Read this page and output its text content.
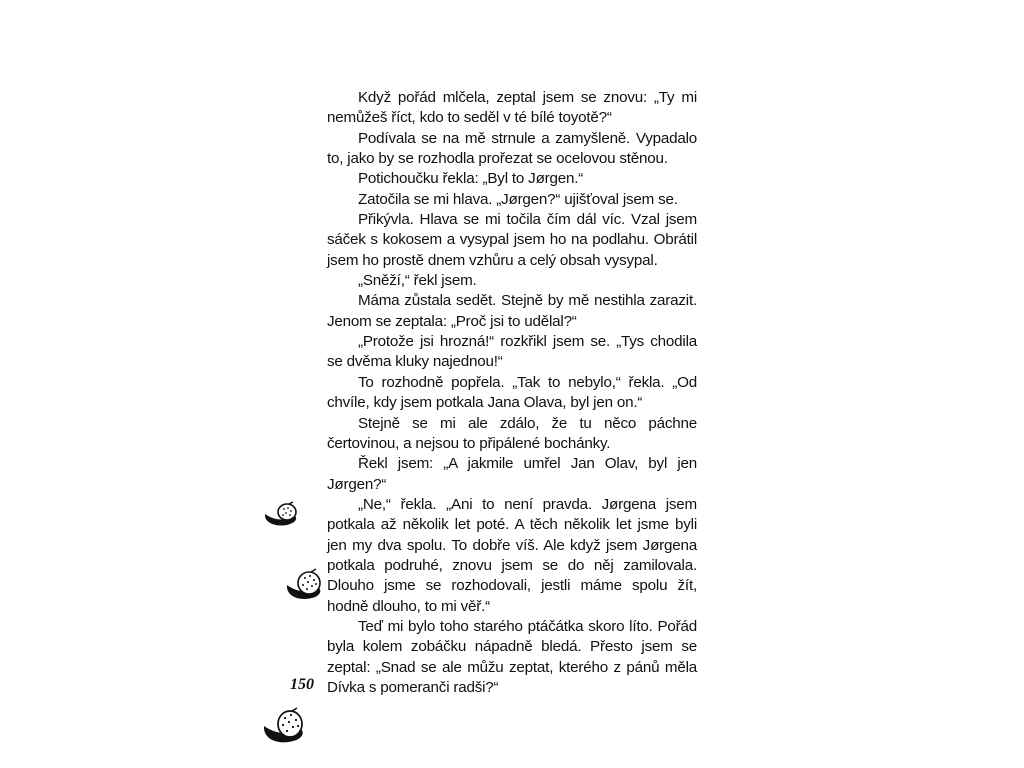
Když pořád mlčela, zeptal jsem se znovu: „Ty mi nemůžeš říct, kdo to seděl v té bílé toyotě?“

Podívala se na mě strnule a zamyšleně. Vypadalo to, jako by se rozhodla prořezat se ocelovou stěnou.

Potichoučku řekla: „Byl to Jørgen.“

Zatočila se mi hlava. „Jørgen?“ ujišťoval jsem se.

Přikývla. Hlava se mi točila čím dál víc. Vzal jsem sáček s kokosem a vysypal jsem ho na podlahu. Obrátil jsem ho prostě dnem vzhůru a celý obsah vysypal.

„Sněží,“ řekl jsem.

Máma zůstala sedět. Stejně by mě nestihla zarazit. Jenom se zeptala: „Proč jsi to udělal?“

„Protože jsi hrozná!“ rozkřikl jsem se. „Tys chodila se dvěma kluky najednou!“

To rozhodně popřela. „Tak to nebylo,“ řekla. „Od chvíle, kdy jsem potkala Jana Olava, byl jen on.“

Stejně se mi ale zdálo, že tu něco páchne čertovinou, a nejsou to připálené bochánky.

Řekl jsem: „A jakmile umřel Jan Olav, byl jen Jørgen?“

„Ne,“ řekla. „Ani to není pravda. Jørgena jsem potkala až několik let poté. A těch několik let jsme byli jen my dva spolu. To dobře víš. Ale když jsem Jørgena potkala podruhé, znovu jsem se do něj zamilovala. Dlouho jsme se rozhodovali, jestli máme spolu žít, hodně dlouho, to mi věř.“

Teď mi bylo toho starého ptáčátka skoro líto. Pořád byla kolem zobáčku nápadně bledá. Přesto jsem se zeptal: „Snad se ale můžu zeptat, kterého z pánů měla Dívka s pomeranči radši?“

150
